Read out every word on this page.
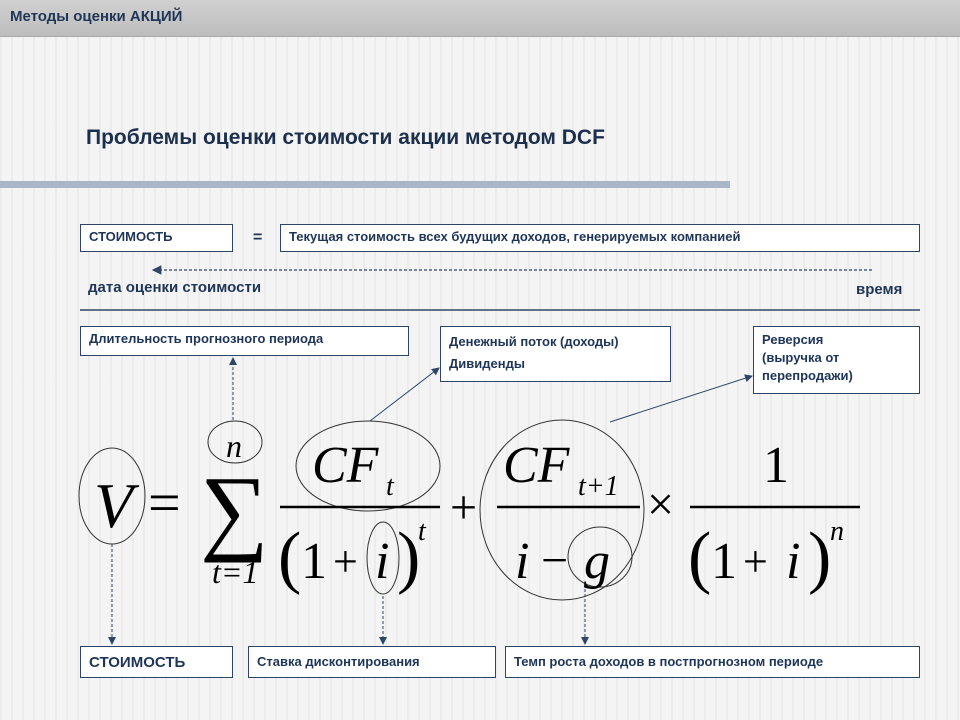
Методы оценки АКЦИЙ
Проблемы оценки стоимости акции методом DCF
СТОИМОСТЬ	=	Текущая стоимость всех будущих доходов, генерируемых компанией
дата оценки стоимости	время
Длительность прогнозного периода	Денежный поток (доходы)
Дивиденды
Реверсия
(выручка от
перепродажи)
СТОИМОСТЬ	Ставка дисконтирования	Темп роста доходов в постпрогнозном периоде
V = ∑
n
t=1
CF t
( 1 + i )
t +
CF t+1
i − g
×
1
( 1 + i )
n
